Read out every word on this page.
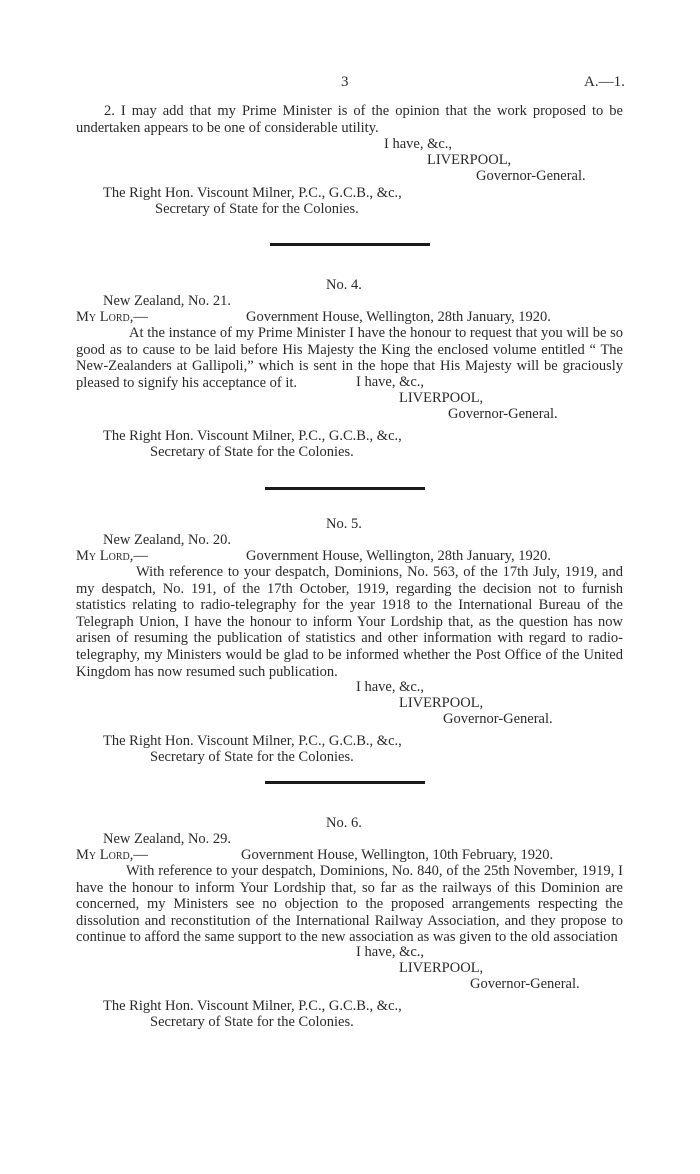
3	A.—1.
2. I may add that my Prime Minister is of the opinion that the work proposed to be undertaken appears to be one of considerable utility.
I have, &c.,
LIVERPOOL,
Governor-General.
The Right Hon. Viscount Milner, P.C., G.C.B., &c.,
Secretary of State for the Colonies.
No. 4.
New Zealand, No. 21.
My Lord,—	Government House, Wellington, 28th January, 1920.
At the instance of my Prime Minister I have the honour to request that you will be so good as to cause to be laid before His Majesty the King the enclosed volume entitled “ The New-Zealanders at Gallipoli,” which is sent in the hope that His Majesty will be graciously pleased to signify his acceptance of it.	I have, &c.,
LIVERPOOL,
Governor-General.
The Right Hon. Viscount Milner, P.C., G.C.B., &c.,
Secretary of State for the Colonies.
No. 5.
New Zealand, No. 20.
My Lord,—	Government House, Wellington, 28th January, 1920.
With reference to your despatch, Dominions, No. 563, of the 17th July, 1919, and my despatch, No. 191, of the 17th October, 1919, regarding the decision not to furnish statistics relating to radio-telegraphy for the year 1918 to the International Bureau of the Telegraph Union, I have the honour to inform Your Lordship that, as the question has now arisen of resuming the publication of statistics and other information with regard to radio-telegraphy, my Ministers would be glad to be informed whether the Post Office of the United Kingdom has now resumed such publication.
I have, &c.,
LIVERPOOL,
Governor-General.
The Right Hon. Viscount Milner, P.C., G.C.B., &c.,
Secretary of State for the Colonies.
No. 6.
New Zealand, No. 29.
My Lord,—	Government House, Wellington, 10th February, 1920.
With reference to your despatch, Dominions, No. 840, of the 25th November, 1919, I have the honour to inform Your Lordship that, so far as the railways of this Dominion are concerned, my Ministers see no objection to the proposed arrangements respecting the dissolution and reconstitution of the International Railway Association, and they propose to continue to afford the same support to the new association as was given to the old association
I have, &c.,
LIVERPOOL,
Governor-General.
The Right Hon. Viscount Milner, P.C., G.C.B., &c.,
Secretary of State for the Colonies.
